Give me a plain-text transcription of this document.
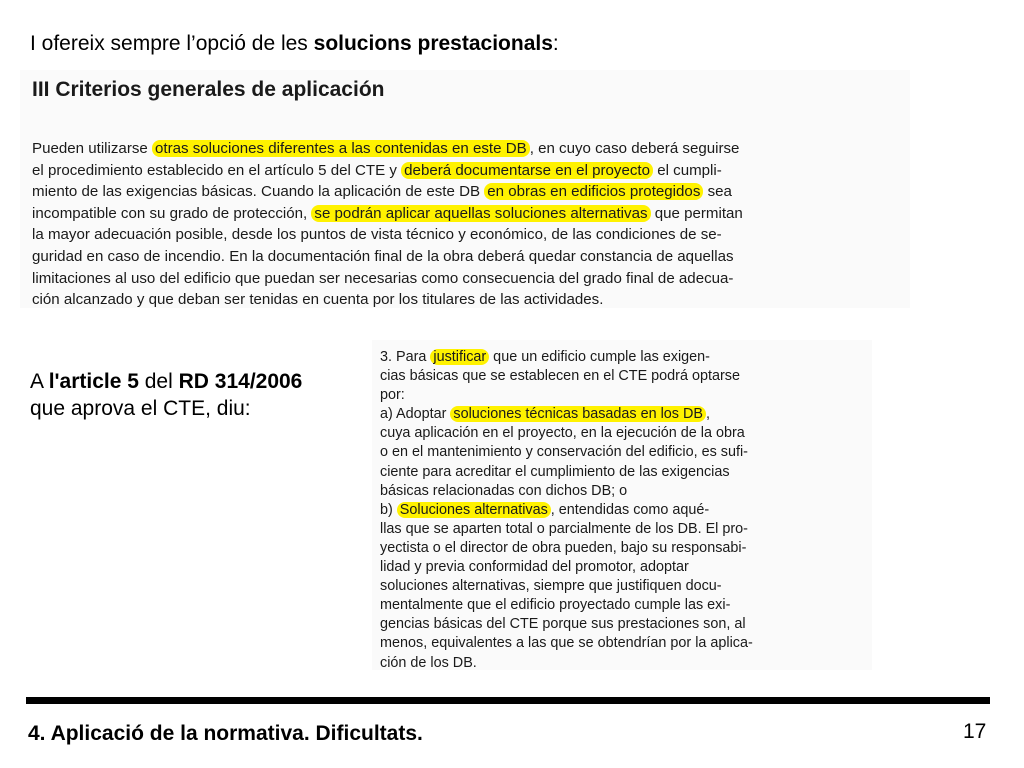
I ofereix sempre l’opció de les solucions prestacionals:
III Criterios generales de aplicación
Pueden utilizarse otras soluciones diferentes a las contenidas en este DB , en cuyo caso deberá seguirse
el procedimiento establecido en el artículo 5 del CTE y deberá documentarse en el proyecto el cumpli-
miento de las exigencias básicas. Cuando la aplicación de este DB en obras en edificios protegidos sea
incompatible con su grado de protección, se podrán aplicar aquellas soluciones alternativas que permitan
la mayor adecuación posible, desde los puntos de vista técnico y económico, de las condiciones de se-
guridad en caso de incendio. En la documentación final de la obra deberá quedar constancia de aquellas
limitaciones al uso del edificio que puedan ser necesarias como consecuencia del grado final de adecua-
ción alcanzado y que deban ser tenidas en cuenta por los titulares de las actividades.
A l'article 5 del RD 314/2006
que aprova el CTE, diu:
3. Para justificar que un edificio cumple las exigen-
cias básicas que se establecen en el CTE podrá optarse
por:
a) Adoptar soluciones técnicas basadas en los DB ,
cuya aplicación en el proyecto, en la ejecución de la obra
o en el mantenimiento y conservación del edificio, es sufi-
ciente para acreditar el cumplimiento de las exigencias
básicas relacionadas con dichos DB; o
b) Soluciones alternativas , entendidas como aqué-
llas que se aparten total o parcialmente de los DB. El pro-
yectista o el director de obra pueden, bajo su responsabi-
lidad y previa conformidad del promotor, adoptar
soluciones alternativas, siempre que justifiquen docu-
mentalmente que el edificio proyectado cumple las exi-
gencias básicas del CTE porque sus prestaciones son, al
menos, equivalentes a las que se obtendrían por la aplica-
ción de los DB.
4. Aplicació de la normativa. Dificultats.	17
